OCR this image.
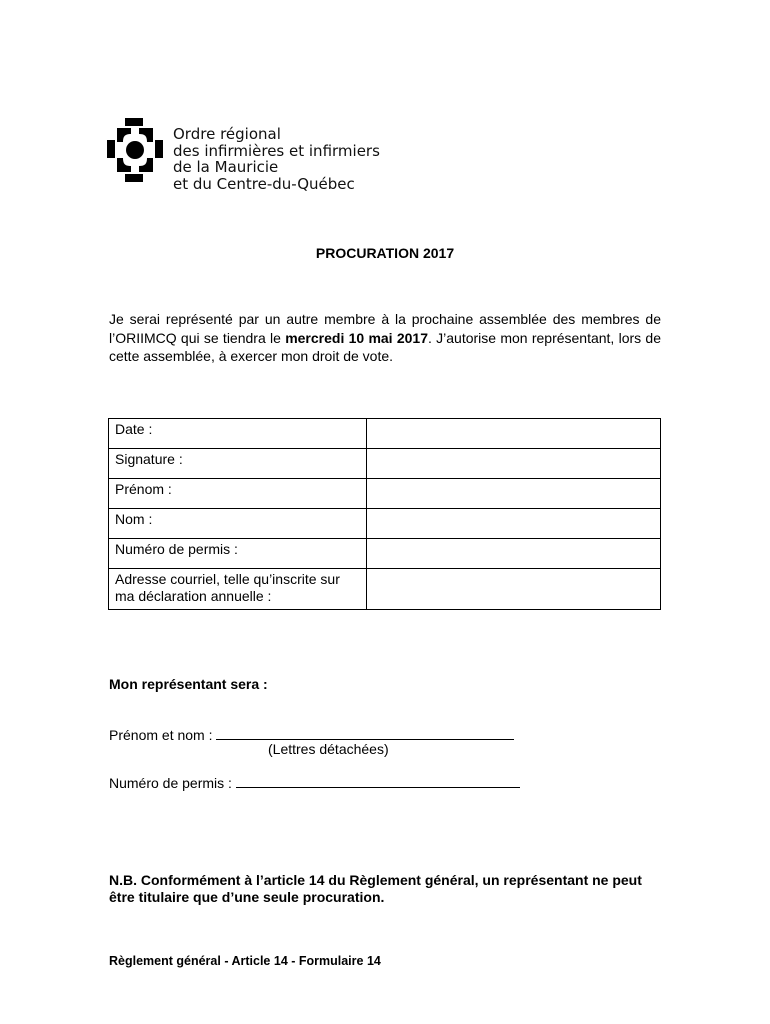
Ordre régional
des infirmières et infirmiers
de la Mauricie
et du Centre-du-Québec
PROCURATION 2017
Je serai représenté par un autre membre à la prochaine assemblée des membres de l’ORIIMCQ qui se tiendra le mercredi 10 mai 2017. J’autorise mon représentant, lors de cette assemblée, à exercer mon droit de vote.
Date :	
Signature :	
Prénom :	
Nom :	
Numéro de permis :	
Adresse courriel, telle qu’inscrite sur ma déclaration annuelle :	
Mon représentant sera :
Prénom et nom :
(Lettres détachées)
Numéro de permis :
N.B. Conformément à l’article 14 du Règlement général, un représentant ne peut être titulaire que d’une seule procuration.
Règlement général - Article 14 - Formulaire 14
